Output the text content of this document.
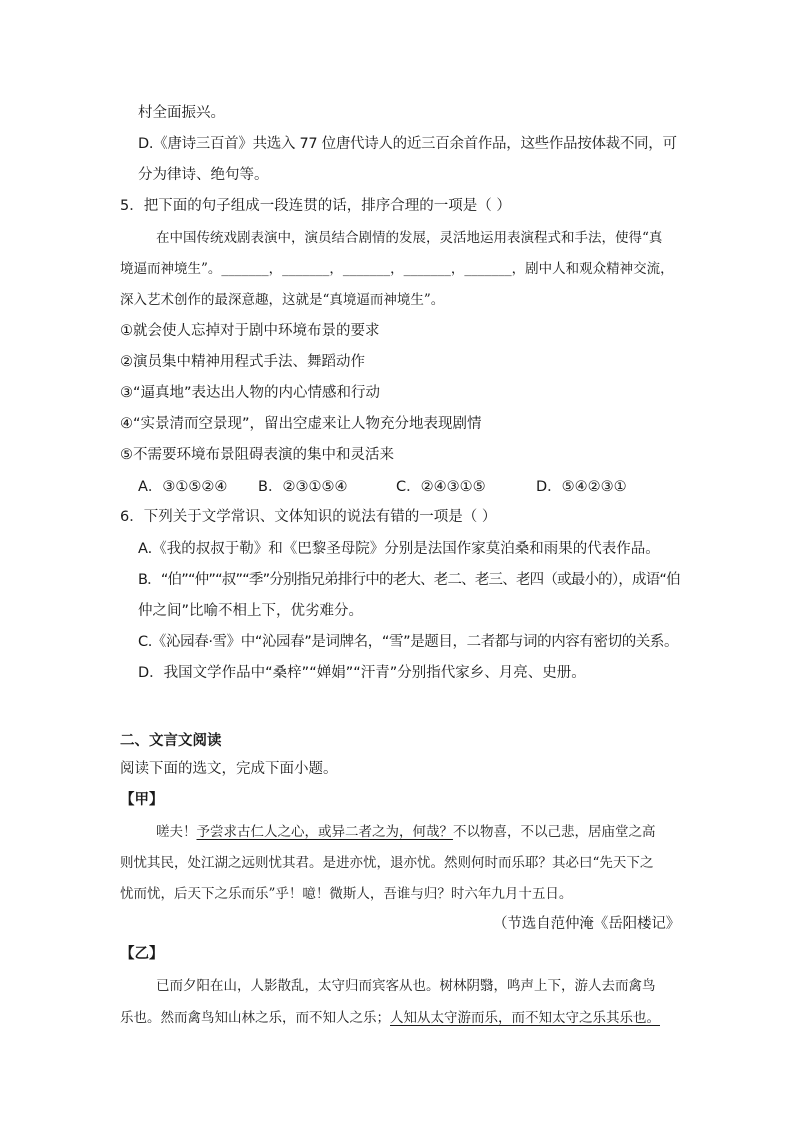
村全面振兴。
D.《唐诗三百首》共选入 77 位唐代诗人的近三百余首作品，这些作品按体裁不同，可
分为律诗、绝句等。
5．把下面的句子组成一段连贯的话，排序合理的一项是（ ）
在中国传统戏剧表演中，演员结合剧情的发展，灵活地运用表演程式和手法，使得“真
境逼而神境生”。_______，_______，_______，_______，_______，剧中人和观众精神交流，
深入艺术创作的最深意趣，这就是“真境逼而神境生”。
①就会使人忘掉对于剧中环境布景的要求
②演员集中精神用程式手法、舞蹈动作
③“逼真地”表达出人物的内心情感和行动
④“实景清而空景现”，留出空虚来让人物充分地表现剧情
⑤不需要环境布景阻碍表演的集中和灵活来
A．③①⑤②④ B．②③①⑤④	C．②④③①⑤	D．⑤④②③①
6．下列关于文学常识、文体知识的说法有错的一项是（ ）
A.《我的叔叔于勒》和《巴黎圣母院》分别是法国作家莫泊桑和雨果的代表作品。
B．“伯”“仲”“叔”“季”分别指兄弟排行中的老大、老二、老三、老四（或最小的），成语“伯
仲之间”比喻不相上下，优劣难分。
C.《沁园春·雪》中“沁园春”是词牌名，“雪”是题目，二者都与词的内容有密切的关系。
D．我国文学作品中“桑梓”“婵娟”“汗青”分别指代家乡、月亮、史册。
二、文言文阅读
阅读下面的选文，完成下面小题。
【甲】
嗟夫！予尝求古仁人之心，或异二者之为，何哉？不以物喜，不以己悲，居庙堂之高
则忧其民，处江湖之远则忧其君。是进亦忧，退亦忧。然则何时而乐耶？其必曰“先天下之
忧而忧，后天下之乐而乐”乎！噫！微斯人，吾谁与归？时六年九月十五日。
（节选自范仲淹《岳阳楼记》
【乙】
已而夕阳在山，人影散乱，太守归而宾客从也。树林阴翳，鸣声上下，游人去而禽鸟
乐也。然而禽鸟知山林之乐，而不知人之乐；人知从太守游而乐，而不知太守之乐其乐也。
